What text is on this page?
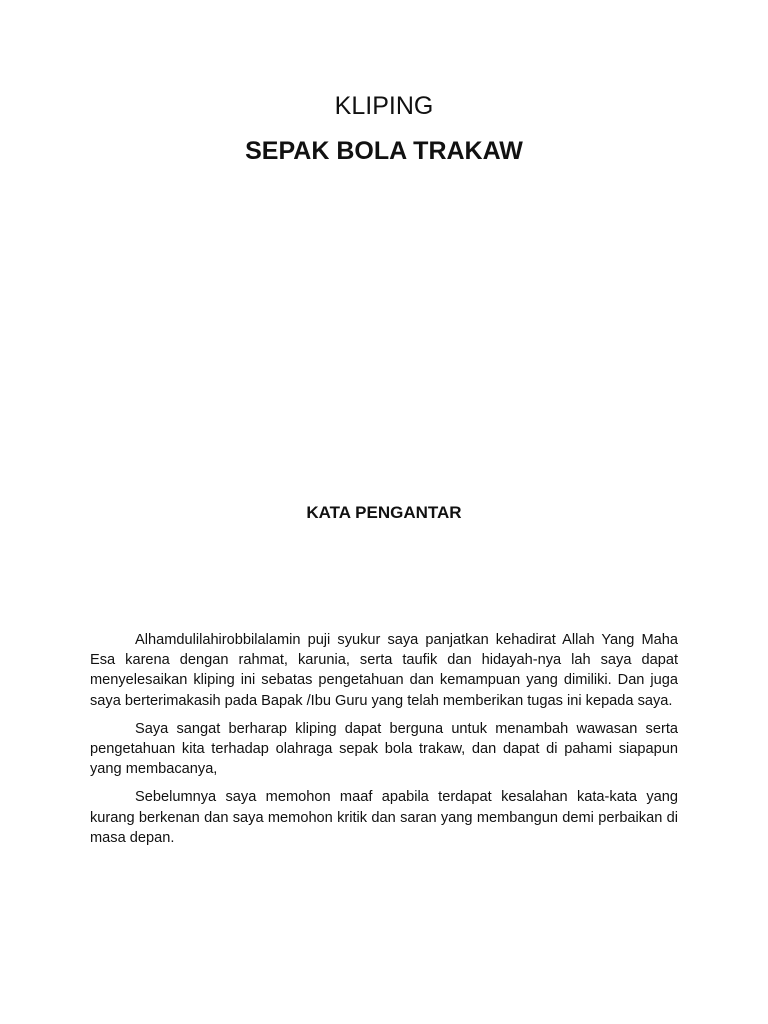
KLIPING
SEPAK BOLA TRAKAW
KATA PENGANTAR

Alhamdulilahirobbilalamin puji syukur saya panjatkan kehadirat Allah Yang Maha Esa karena dengan rahmat, karunia, serta taufik dan hidayah-nya lah saya dapat menyelesaikan kliping ini sebatas pengetahuan dan kemampuan yang dimiliki. Dan juga saya berterimakasih pada Bapak /Ibu Guru yang telah memberikan tugas ini kepada saya.

Saya sangat berharap kliping dapat berguna untuk menambah wawasan serta pengetahuan kita terhadap olahraga sepak bola trakaw, dan dapat di pahami siapapun yang membacanya,

Sebelumnya saya memohon maaf apabila terdapat kesalahan kata-kata yang kurang berkenan dan saya memohon kritik dan saran yang membangun demi perbaikan di masa depan.
